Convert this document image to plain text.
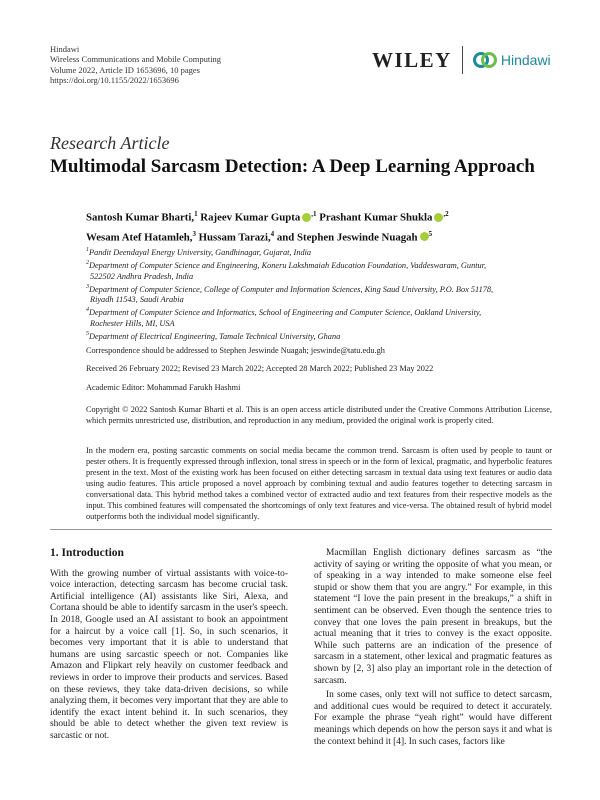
Hindawi
Wireless Communications and Mobile Computing
Volume 2022, Article ID 1653696, 10 pages
https://doi.org/10.1155/2022/1653696
WILEY	Hindawi
Research Article
Multimodal Sarcasm Detection: A Deep Learning Approach
Santosh Kumar Bharti,$^1$ Rajeev Kumar Gupta $^{,1}$ Prashant Kumar Shukla $^{,2}$
Wesam Atef Hatamleh,$^3$ Hussam Tarazi,$^4$ and Stephen Jeswinde Nuagah $^5$
$^1$Pandit Deendayal Energy University, Gandhinagar, Gujarat, India
$^2$Department of Computer Science and Engineering, Koneru Lakshmaiah Education Foundation, Vaddeswaram, Guntur,
522502 Andhra Pradesh, India
$^3$Department of Computer Science, College of Computer and Information Sciences, King Saud University, P.O. Box 51178,
Riyadh 11543, Saudi Arabia
$^4$Department of Computer Science and Informatics, School of Engineering and Computer Science, Oakland University,
Rochester Hills, MI, USA
$^5$Department of Electrical Engineering, Tamale Technical University, Ghana
Correspondence should be addressed to Stephen Jeswinde Nuagah; jeswinde@tatu.edu.gh
Received 26 February 2022; Revised 23 March 2022; Accepted 28 March 2022; Published 23 May 2022
Academic Editor: Mohammad Farukh Hashmi
Copyright © 2022 Santosh Kumar Bharti et al. This is an open access article distributed under the Creative Commons Attribution License, which permits unrestricted use, distribution, and reproduction in any medium, provided the original work is properly cited.
In the modern era, posting sarcastic comments on social media became the common trend. Sarcasm is often used by people to taunt or pester others. It is frequently expressed through inflexion, tonal stress in speech or in the form of lexical, pragmatic, and hyperbolic features present in the text. Most of the existing work has been focused on either detecting sarcasm in textual data using text features or audio data using audio features. This article proposed a novel approach by combining textual and audio features together to detecting sarcasm in conversational data. This hybrid method takes a combined vector of extracted audio and text features from their respective models as the input. This combined features will compensated the shortcomings of only text features and vice-versa. The obtained result of hybrid model outperforms both the individual model significantly.
1. Introduction

With the growing number of virtual assistants with voice-to-voice interaction, detecting sarcasm has become crucial task. Artificial intelligence (AI) assistants like Siri, Alexa, and Cortana should be able to identify sarcasm in the user's speech. In 2018, Google used an AI assistant to book an appointment for a haircut by a voice call [1]. So, in such scenarios, it becomes very important that it is able to understand that humans are using sarcastic speech or not. Companies like Amazon and Flipkart rely heavily on customer feedback and reviews in order to improve their products and services. Based on these reviews, they take data-driven decisions, so while analyzing them, it becomes very important that they are able to identify the exact intent behind it. In such scenarios, they should be able to detect whether the given text review is sarcastic or not.

Macmillan English dictionary defines sarcasm as “the activity of saying or writing the opposite of what you mean, or of speaking in a way intended to make someone else feel stupid or show them that you are angry.” For example, in this statement “I love the pain present in the breakups,” a shift in sentiment can be observed. Even though the sentence tries to convey that one loves the pain present in breakups, but the actual meaning that it tries to convey is the exact opposite. While such patterns are an indication of the presence of sarcasm in a statement, other lexical and pragmatic features as shown by [2, 3] also play an important role in the detection of sarcasm.

In some cases, only text will not suffice to detect sarcasm, and additional cues would be required to detect it accurately. For example the phrase “yeah right” would have different meanings which depends on how the person says it and what is the context behind it [4]. In such cases, factors like
